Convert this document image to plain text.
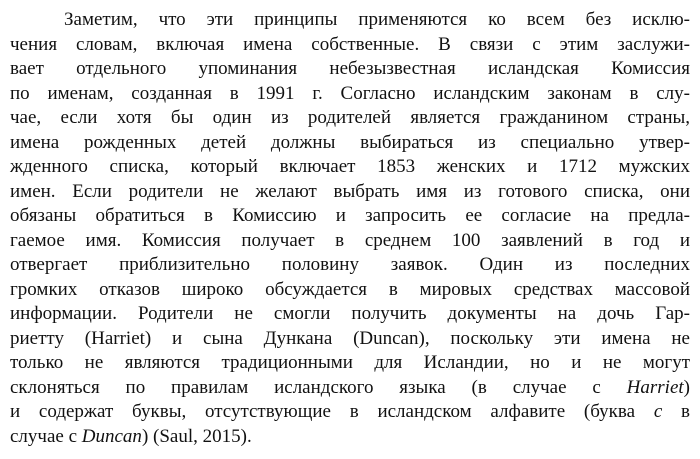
Заметим, что эти принципы применяются ко всем без исклю-
чения словам, включая имена собственные. В связи с этим заслужи-
вает отдельного упоминания небезызвестная исландская Комиссия
по именам, созданная в 1991 г. Согласно исландским законам в слу-
чае, если хотя бы один из родителей является гражданином страны,
имена рожденных детей должны выбираться из специально утвер-
жденного списка, который включает 1853 женских и 1712 мужских
имен. Если родители не желают выбрать имя из готового списка, они
обязаны обратиться в Комиссию и запросить ее согласие на предла-
гаемое имя. Комиссия получает в среднем 100 заявлений в год и
отвергает приблизительно половину заявок. Один из последних
громких отказов широко обсуждается в мировых средствах массовой
информации. Родители не смогли получить документы на дочь Гар-
риетту (Harriet) и сына Дункана (Duncan), поскольку эти имена не
только не являются традиционными для Исландии, но и не могут
склоняться по правилам исландского языка (в случае с Harriet)
и содержат буквы, отсутствующие в исландском алфавите (буква c в
случае с Duncan) (Saul, 2015).
